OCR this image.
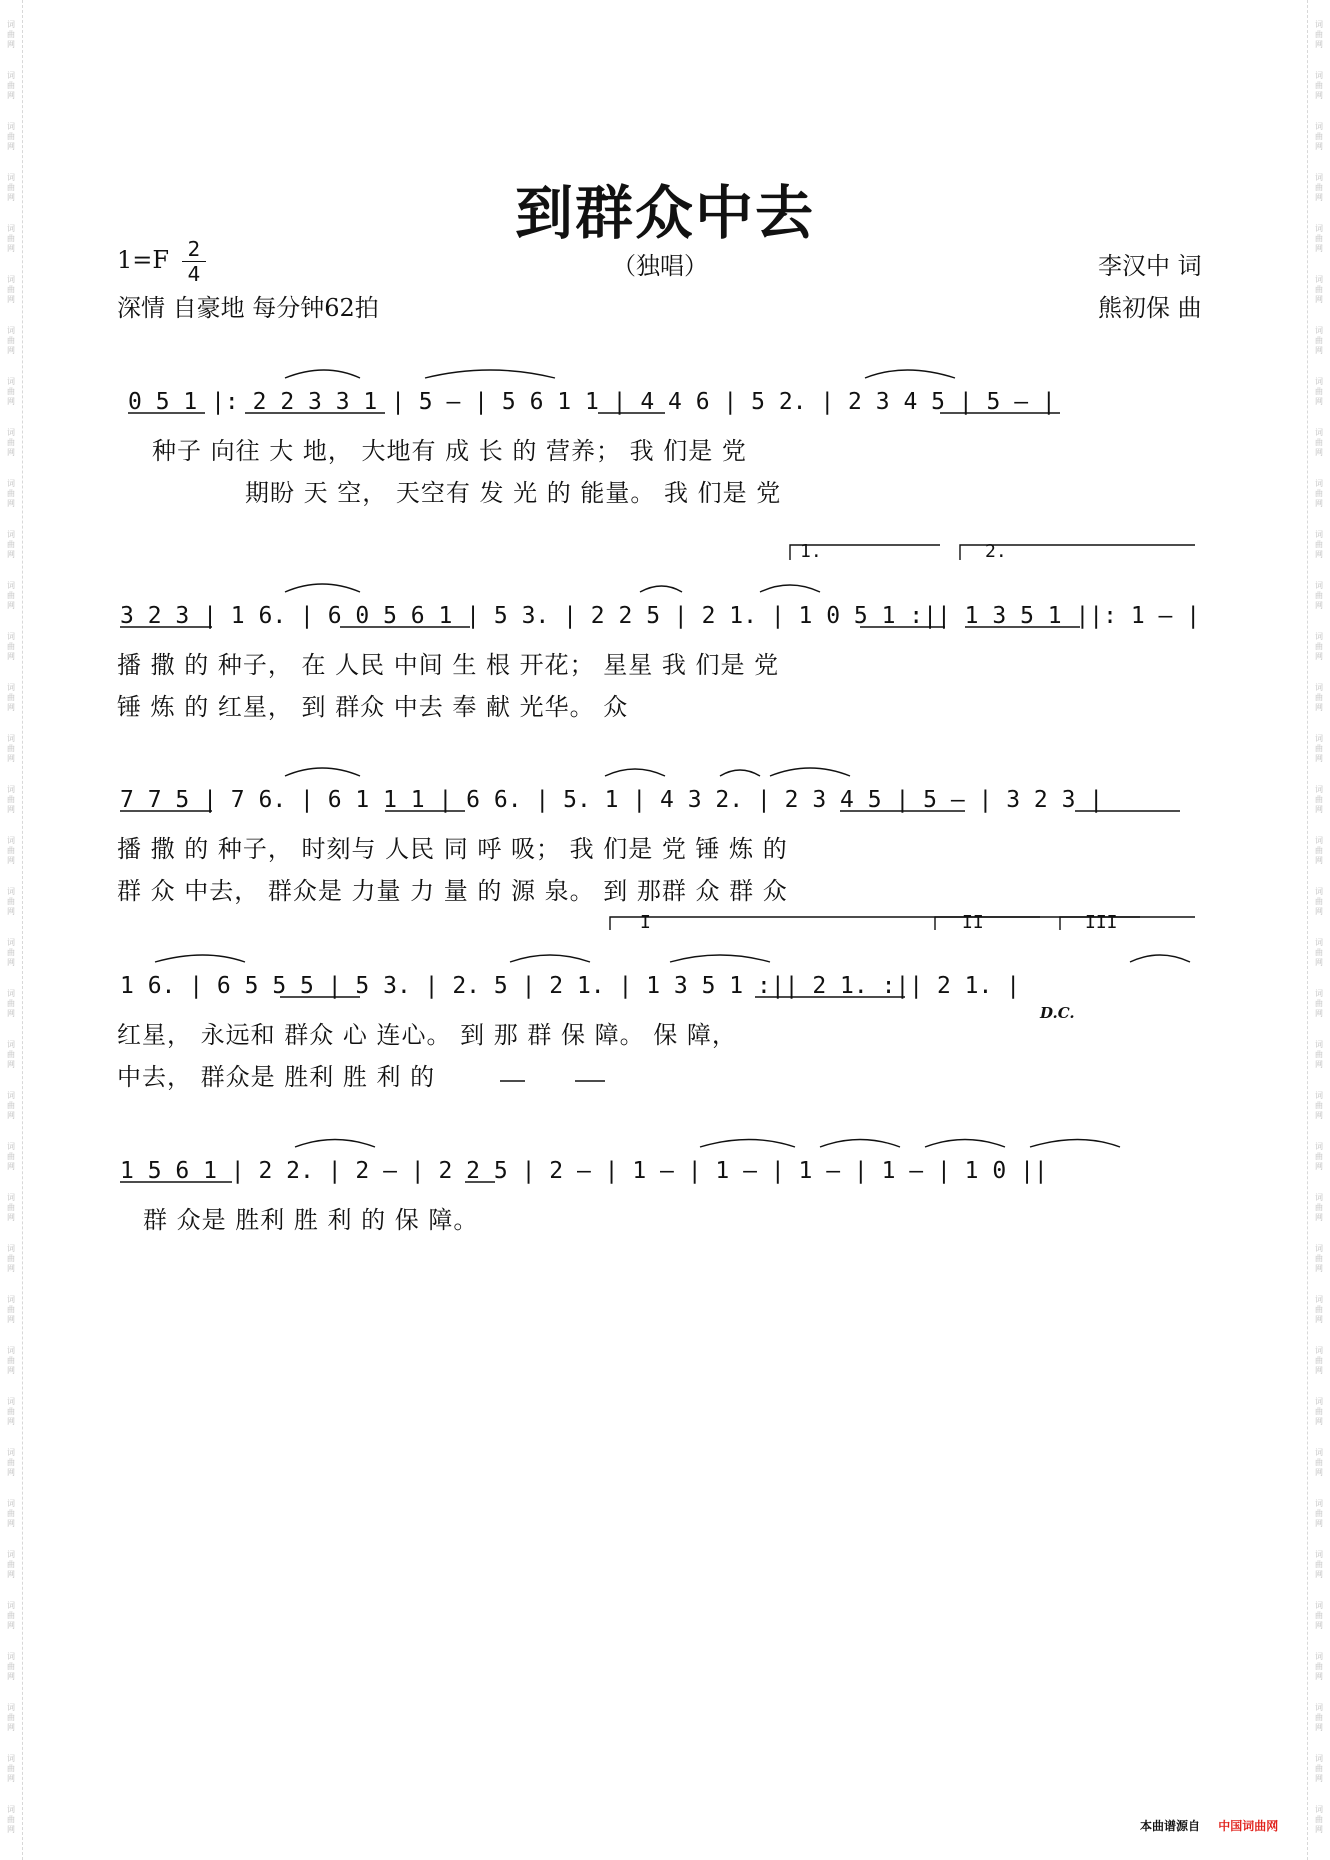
词
曲
网
词
曲
网
词
曲
网
词
曲
网
词
曲
网
词
曲
网
词
曲
网
词
曲
网
词
曲
网
词
曲
网
词
曲
网
词
曲
网
词
曲
网
词
曲
网
词
曲
网
词
曲
网
词
曲
网
词
曲
网
词
曲
网
词
曲
网
词
曲
网
词
曲
网
词
曲
网
词
曲
网
词
曲
网
词
曲
网
词
曲
网
词
曲
网
词
曲
网
词
曲
网
词
曲
网
词
曲
网
词
曲
网
词
曲
网
词
曲
网
词
曲
网
词
曲
网
词
曲
网
词
曲
网
词
曲
网
词
曲
网
词
曲
网
词
曲
网
词
曲
网
词
曲
网
词
曲
网
词
曲
网
词
曲
网
词
曲
网
词
曲
网
词
曲
网
词
曲
网
词
曲
网
词
曲
网
词
曲
网
词
曲
网
词
曲
网
词
曲
网
词
曲
网
词
曲
网
词
曲
网
词
曲
网
词
曲
网
词
曲
网
词
曲
网
词
曲
网
词
曲
网
词
曲
网
词
曲
网
词
曲
网
词
曲
网
词
曲
网
到群众中去
1=F 2
4	（独唱）
深情 自豪地 每分钟62拍
李汉中 词
熊初保 曲
0 5 1 |: 2 2 3 3 1 | 5 — | 5 6 1 1 | 4 4 6 | 5 2. | 2 3 4 5 | 5 — |
种子 向往 大 地， 大地有 成 长 的 营养； 我 们是 党
期盼 天 空， 天空有 发 光 的 能量。 我 们是 党
1.	2.
3 2 3 | 1 6. | 6 0 5 6 1 | 5 3. | 2 2 5 | 2 1. | 1 0 5 1 :|| 1 3 5 1 ||: 1 — |
播 撒 的 种子， 在 人民 中间 生 根 开花； 星星 我 们是 党
锤 炼 的 红星， 到 群众 中去 奉 献 光华。 众
7 7 5 | 7 6. | 6 1 1 1 | 6 6. | 5. 1 | 4 3 2. | 2 3 4 5 | 5 — | 3 2 3 |
播 撒 的 种子， 时刻与 人民 同 呼 吸； 我 们是 党 锤 炼 的
群 众 中去， 群众是 力量 力 量 的 源 泉。 到 那群 众 群 众
I	II	III
1 6. | 6 5 5 5 | 5 3. | 2. 5 | 2 1. | 1 3 5 1 :|| 2 1. :|| 2 1. |
D.C.
红星， 永远和 群众 心 连心。 到 那 群 保 障。 保 障，
中去， 群众是 胜利 胜 利 的
1 5 6 1 | 2 2. | 2 — | 2 2 5 | 2 — | 1 — | 1 — | 1 — | 1 — | 1 0 ||
群 众是 胜利 胜 利 的 保 障。
本曲谱源自 中国词曲网
